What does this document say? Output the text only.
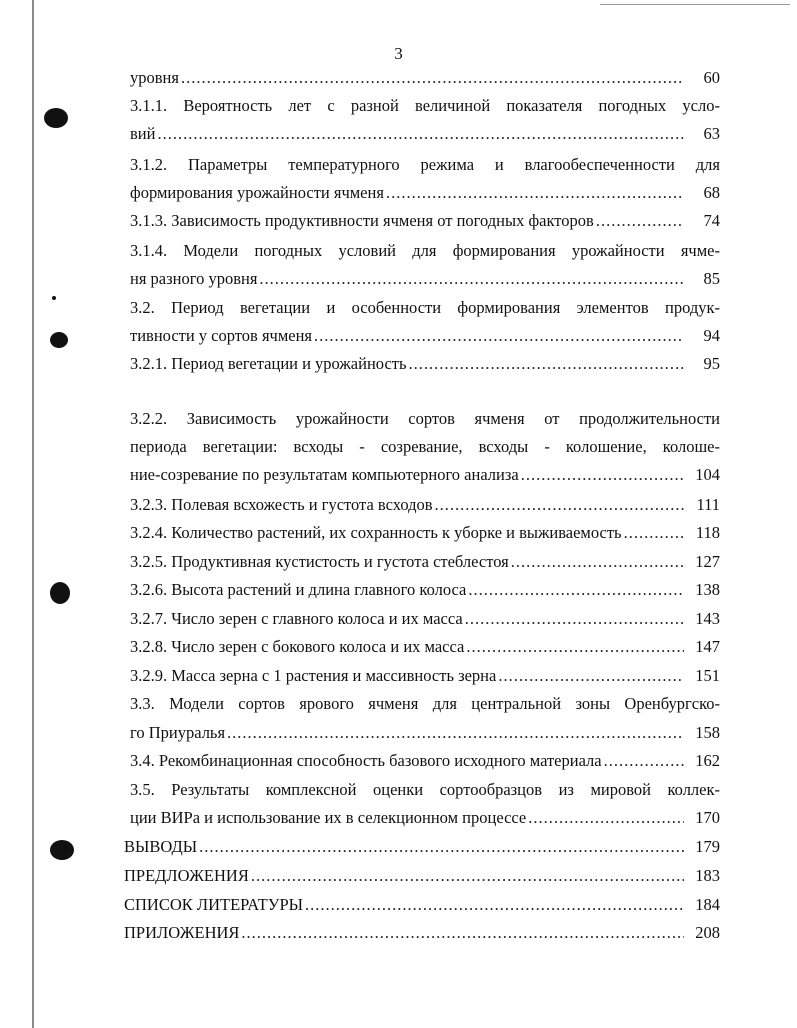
3
уровня .....	60
3.1.1. Вероятность лет с разной величиной показателя погодных усло-
вий .....	63
3.1.2. Параметры температурного режима и влагообеспеченности для
формирования урожайности ячменя .....	68
3.1.3. Зависимость продуктивности ячменя от погодных факторов .....	74
3.1.4. Модели погодных условий для формирования урожайности ячме-
ня разного уровня .....	85
3.2. Период вегетации и особенности формирования элементов продук-
тивности у сортов ячменя .....	94
3.2.1. Период вегетации и урожайность .....	95
3.2.2. Зависимость урожайности сортов ячменя от продолжительности
периода вегетации: всходы - созревание, всходы - колошение, колоше-
ние-созревание по результатам компьютерного анализа .....	104
3.2.3. Полевая всхожесть и густота всходов .....	111
3.2.4. Количество растений, их сохранность к уборке и выживаемость .....	118
3.2.5. Продуктивная кустистость и густота стеблестоя .....	127
3.2.6. Высота растений и длина главного колоса .....	138
3.2.7. Число зерен с главного колоса и их масса .....	143
3.2.8. Число зерен с бокового колоса и их масса .....	147
3.2.9. Масса зерна с 1 растения и массивность зерна .....	151
3.3. Модели сортов ярового ячменя для центральной зоны Оренбургско-
го Приуралья .....	158
3.4. Рекомбинационная способность базового исходного материала .....	162
3.5. Результаты комплексной оценки сортообразцов из мировой коллек-
ции ВИРа и использование их в селекционном процессе .....	170
ВЫВОДЫ .....	179
ПРЕДЛОЖЕНИЯ .....	183
СПИСОК ЛИТЕРАТУРЫ .....	184
ПРИЛОЖЕНИЯ .....	208
